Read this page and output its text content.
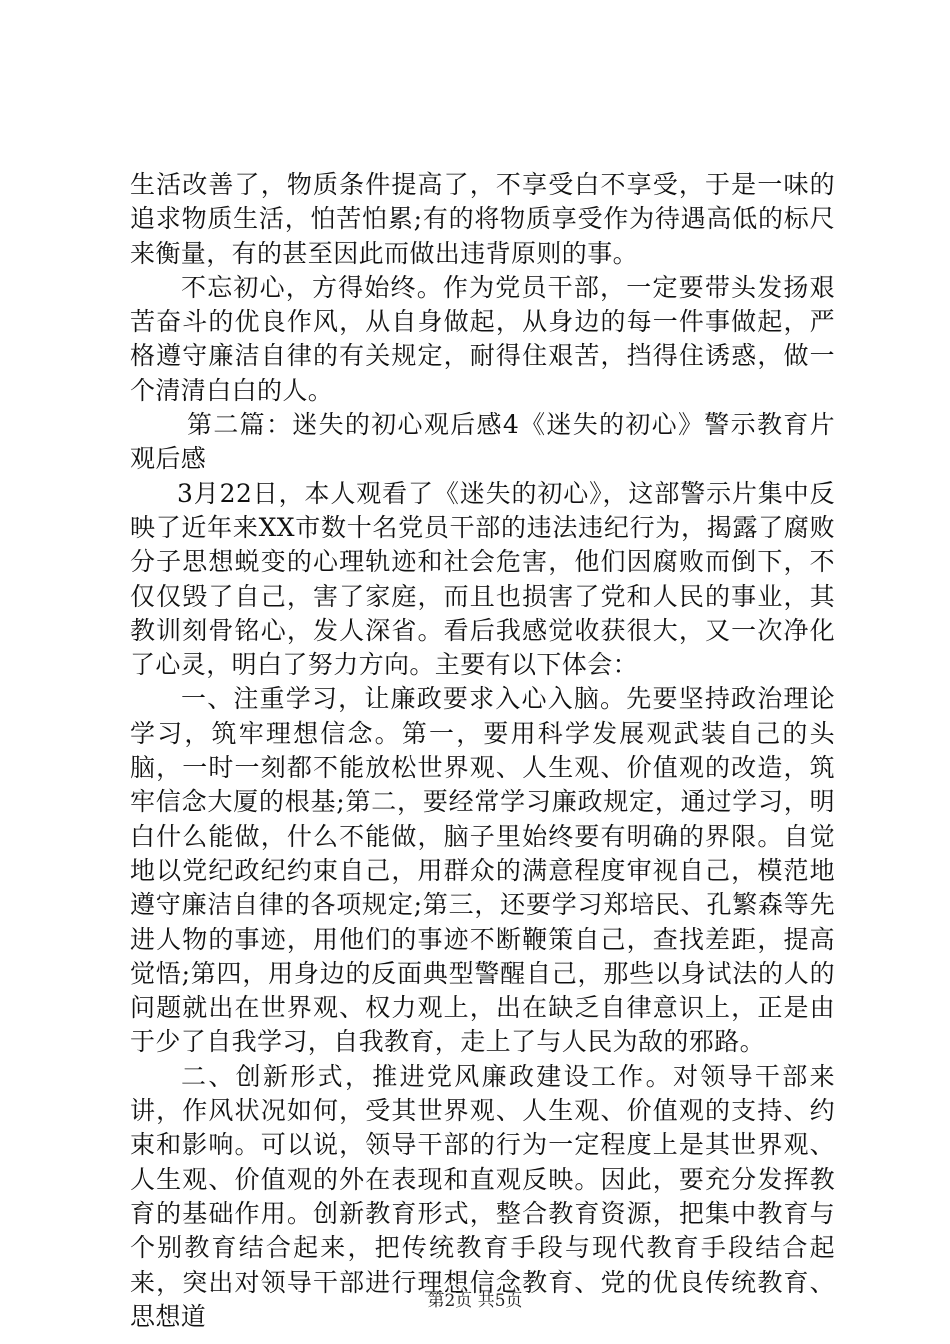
生活改善了，物质条件提高了，不享受白不享受，于是一味的追求物质生活，怕苦怕累;有的将物质享受作为待遇高低的标尺来衡量，有的甚至因此而做出违背原则的事。

不忘初心，方得始终。作为党员干部，一定要带头发扬艰苦奋斗的优良作风，从自身做起，从身边的每一件事做起，严格遵守廉洁自律的有关规定，耐得住艰苦，挡得住诱惑，做一个清清白白的人。

第二篇：迷失的初心观后感4《迷失的初心》警示教育片观后感

3月22日，本人观看了《迷失的初心》，这部警示片集中反映了近年来XX市数十名党员干部的违法违纪行为，揭露了腐败分子思想蜕变的心理轨迹和社会危害，他们因腐败而倒下，不仅仅毁了自己，害了家庭，而且也损害了党和人民的事业，其教训刻骨铭心，发人深省。看后我感觉收获很大，又一次净化了心灵，明白了努力方向。主要有以下体会：

一、注重学习，让廉政要求入心入脑。先要坚持政治理论学习，筑牢理想信念。第一，要用科学发展观武装自己的头脑，一时一刻都不能放松世界观、人生观、价值观的改造，筑牢信念大厦的根基;第二，要经常学习廉政规定，通过学习，明白什么能做，什么不能做，脑子里始终要有明确的界限。自觉地以党纪政纪约束自己，用群众的满意程度审视自己，模范地遵守廉洁自律的各项规定;第三，还要学习郑培民、孔繁森等先进人物的事迹，用他们的事迹不断鞭策自己，查找差距，提高觉悟;第四，用身边的反面典型警醒自己，那些以身试法的人的问题就出在世界观、权力观上，出在缺乏自律意识上，正是由于少了自我学习，自我教育，走上了与人民为敌的邪路。

二、创新形式，推进党风廉政建设工作。对领导干部来讲，作风状况如何，受其世界观、人生观、价值观的支持、约束和影响。可以说，领导干部的行为一定程度上是其世界观、人生观、价值观的外在表现和直观反映。因此，要充分发挥教育的基础作用。创新教育形式，整合教育资源，把集中教育与个别教育结合起来，把传统教育手段与现代教育手段结合起来，突出对领导干部进行理想信念教育、党的优良传统教育、思想道

第2页 共5页
